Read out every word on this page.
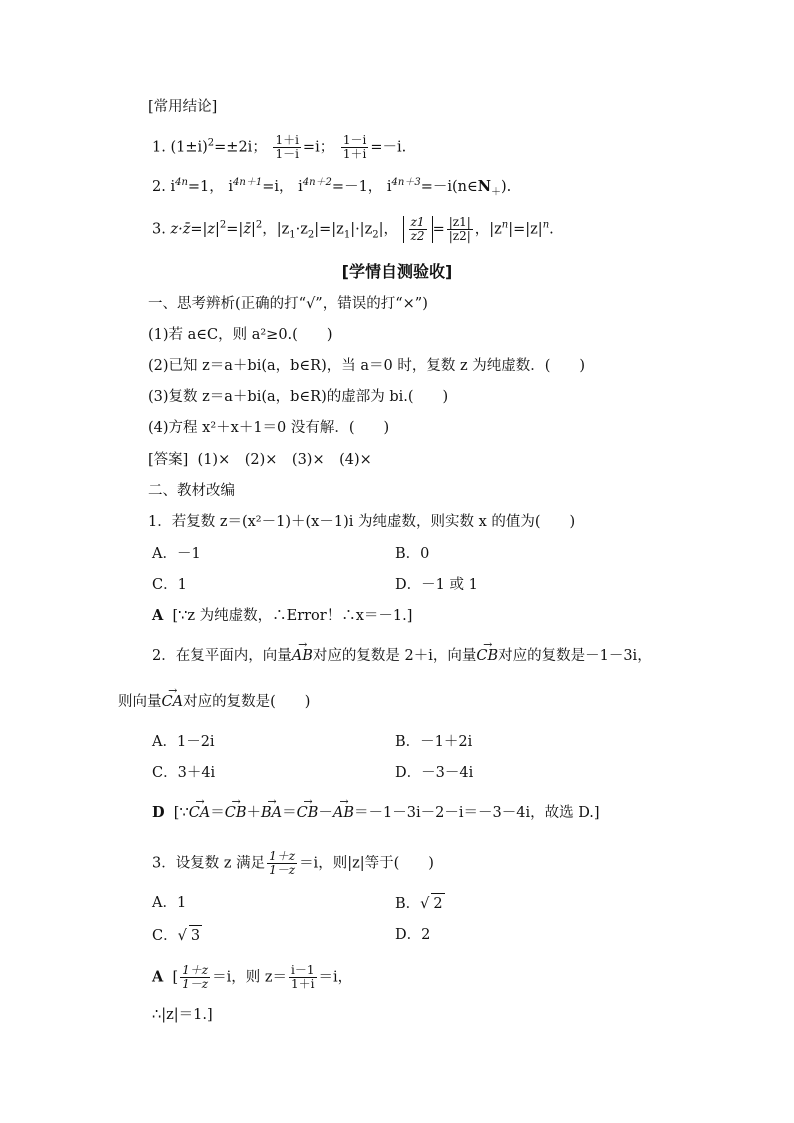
[常用结论]
1. $(1\pm i)^2=\pm 2i$； $\frac{1+i}{1-i} =i$； $\frac{1-i}{1+i} =-i$.
2. $i^{4n}=1$， $i^{4n+1}=i$， $i^{4n+2}=-1$， $i^{4n+3}=-i(n\in N_+)$.
3. $z\cdot z̄=|z|^2=|z̄|^2$，$|z_1\cdot z_2|=|z_1|\cdot|z_2|$， $\frac{z1}{z2} = \frac{|z1|}{|z2|}$ ，$|z^n|=|z|^n$.
[学情自测验收]
一、思考辨析(正确的打“√”，错误的打“×”)
(1)若 a∈C，则 a²≥0.(　　)
(2)已知 z＝a＋bi(a，b∈R)，当 a＝0 时，复数 z 为纯虚数．(　　)
(3)复数 z＝a＋bi(a，b∈R)的虚部为 bi.(　　)
(4)方程 x²＋x＋1＝0 没有解．(　　)
[答案] (1)×　(2)×　(3)×　(4)×
二、教材改编
1．若复数 z＝(x²－1)＋(x－1)i 为纯虚数，则实数 x 的值为(　　)
A．－1	B．0
C．1	D．－1 或 1
A [∵z 为纯虚数，∴Error！∴x＝－1.]
2．在复平面内，向量→ AB对应的复数是 2＋i，向量→ CB对应的复数是－1－3i，
则向量→ CA对应的复数是(　　)
A．1－2i	B．－1＋2i
C．3＋4i	D．－3－4i
D [∵→ CA＝→ CB＋→ BA＝→ CB－→ AB＝－1－3i－2－i＝－3－4i，故选 D.]
3．设复数 z 满足 $\frac{1+z}{1-z} =i$，则|z|等于(　　)
A．1	B．√ 2
C．√ 3	D．2
A [ $\frac{1+z}{1-z} =i$，则 $z= \frac{i-1}{1+i} =i$，
∴|z|＝1.]
